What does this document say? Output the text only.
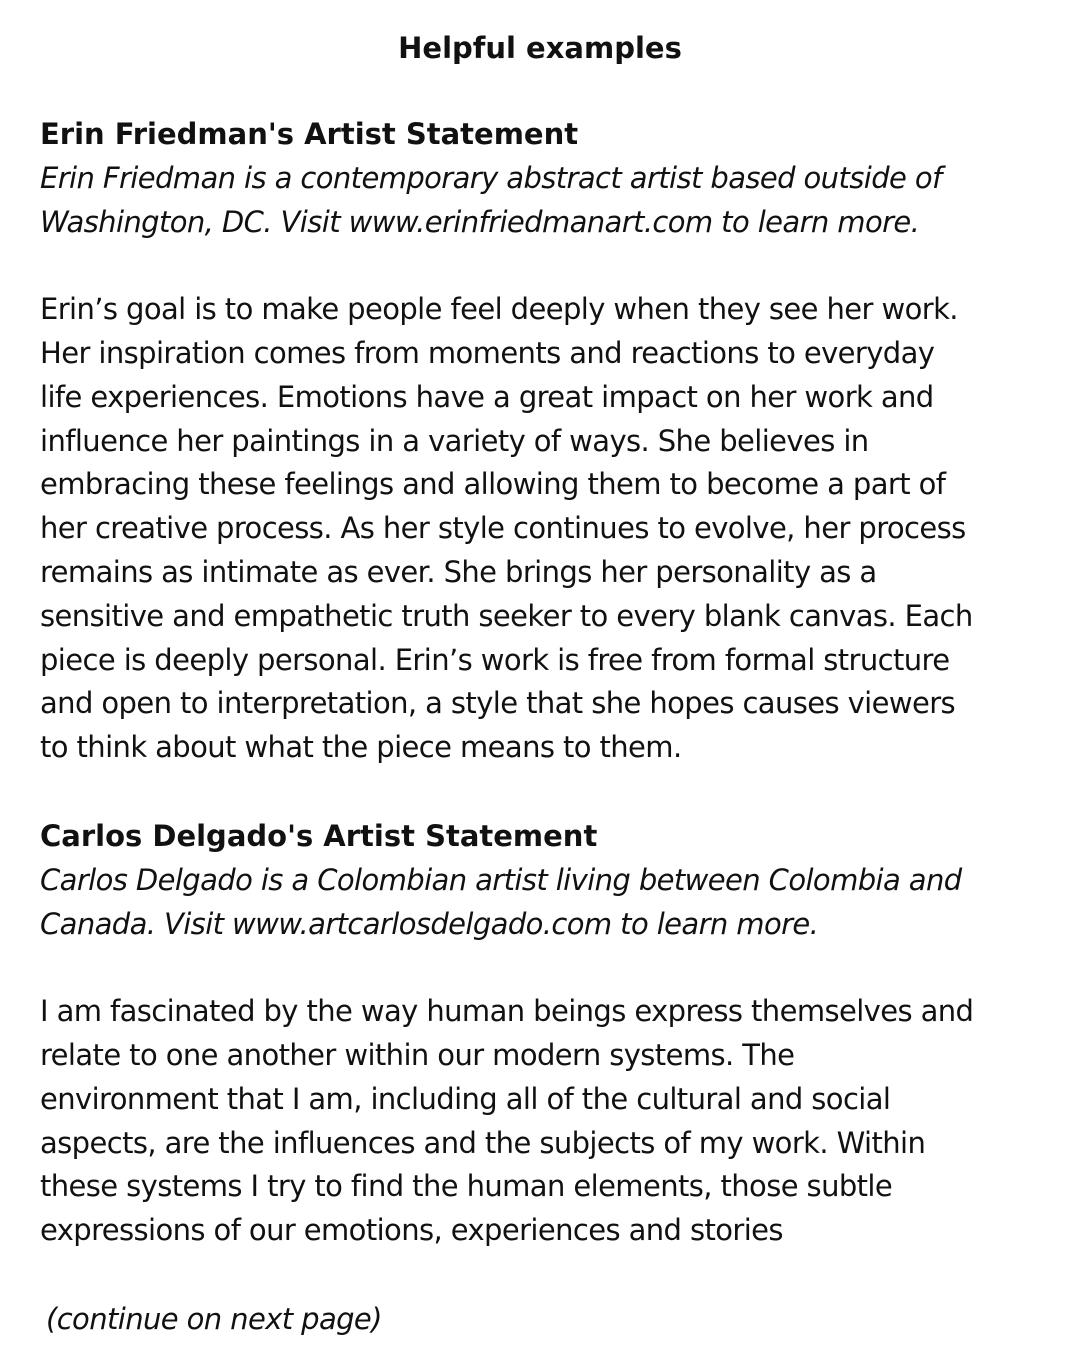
Helpful examples
Erin Friedman's Artist Statement

Erin Friedman is a contemporary abstract artist based outside of
Washington, DC. Visit www.erinfriedmanart.com to learn more.

Erin’s goal is to make people feel deeply when they see her work.
Her inspiration comes from moments and reactions to everyday
life experiences. Emotions have a great impact on her work and
influence her paintings in a variety of ways. She believes in
embracing these feelings and allowing them to become a part of
her creative process. As her style continues to evolve, her process
remains as intimate as ever. She brings her personality as a
sensitive and empathetic truth seeker to every blank canvas. Each
piece is deeply personal. Erin’s work is free from formal structure
and open to interpretation, a style that she hopes causes viewers
to think about what the piece means to them.

Carlos Delgado's Artist Statement

Carlos Delgado is a Colombian artist living between Colombia and
Canada. Visit www.artcarlosdelgado.com to learn more.

I am fascinated by the way human beings express themselves and
relate to one another within our modern systems. The
environment that I am, including all of the cultural and social
aspects, are the influences and the subjects of my work. Within
these systems I try to find the human elements, those subtle
expressions of our emotions, experiences and stories

(continue on next page)
